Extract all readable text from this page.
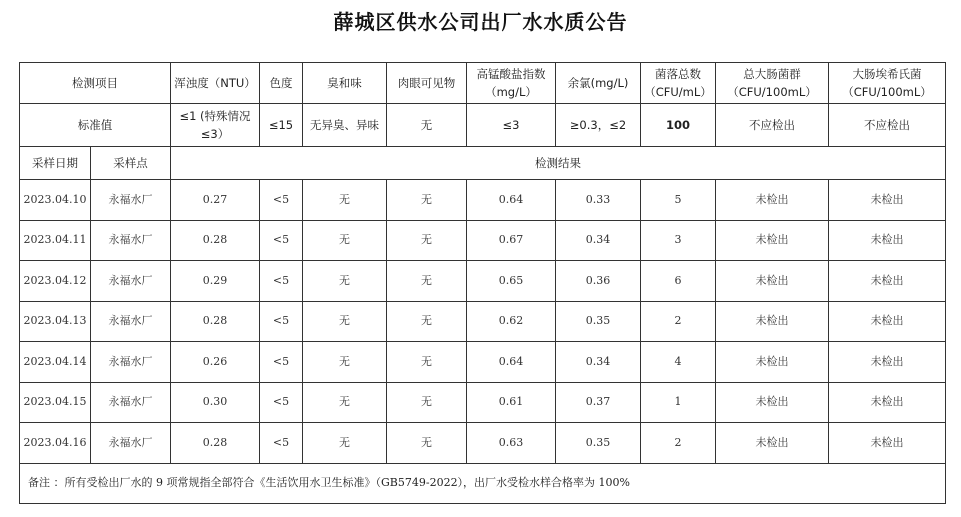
薛城区供水公司出厂水水质公告
检测项目		浑浊度（NTU）	色度	臭和味	肉眼可见物	高锰酸盐指数（mg/L）	余氯(mg/L)	菌落总数（CFU/mL）	总大肠菌群 （CFU/100mL）	大肠埃希氏菌 （CFU/100mL）
标准值		≤1 (特殊情况≤3）	≤15	无异臭、异味	无	≤3	≥0.3，≤2	100	不应检出	不应检出
采样日期	采样点	检测结果								
2023.04.10	永福水厂	0.27	<5	无	无	0.64	0.33	5	未检出	未检出
2023.04.11	永福水厂	0.28	<5	无	无	0.67	0.34	3	未检出	未检出
2023.04.12	永福水厂	0.29	<5	无	无	0.65	0.36	6	未检出	未检出
2023.04.13	永福水厂	0.28	<5	无	无	0.62	0.35	2	未检出	未检出
2023.04.14	永福水厂	0.26	<5	无	无	0.64	0.34	4	未检出	未检出
2023.04.15	永福水厂	0.30	<5	无	无	0.61	0.37	1	未检出	未检出
2023.04.16	永福水厂	0.28	<5	无	无	0.63	0.35	2	未检出	未检出
备注 ：所有受检出厂水的 9 项常规指全部符合《生活饮用水卫生标准》（GB5749-2022），出厂水受检水样合格率为 100%										
